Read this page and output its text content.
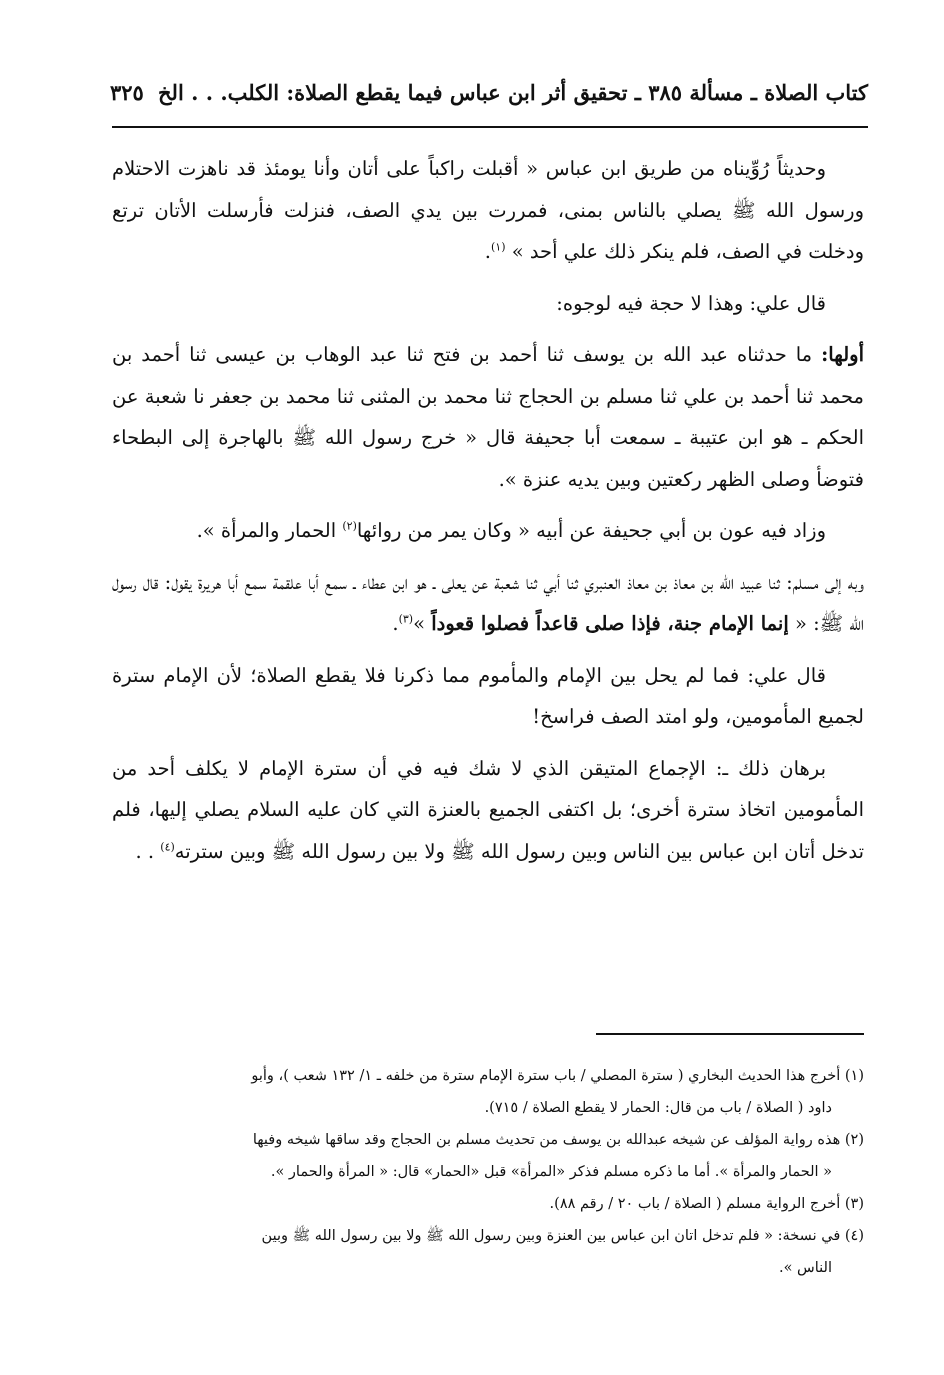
كتاب الصلاة ـ مسألة ٣٨٥ ـ تحقيق أثر ابن عباس فيما يقطع الصلاة: الكلب. . . الخ
٣٢٥

وحديثاً رُوِّيناه من طريق ابن عباس « أقبلت راكباً على أتان وأنا يومئذ قد ناهزت الاحتلام ورسول الله ﷺ يصلي بالناس بمنى، فمررت بين يدي الصف، فنزلت فأرسلت الأتان ترتع ودخلت في الصف، فلم ينكر ذلك علي أحد » $^{(١)}$.

قال علي: وهذا لا حجة فيه لوجوه:

أولها: ما حدثناه عبد الله بن يوسف ثنا أحمد بن فتح ثنا عبد الوهاب بن عيسى ثنا أحمد بن محمد ثنا أحمد بن علي ثنا مسلم بن الحجاج ثنا محمد بن المثنى ثنا محمد بن جعفر نا شعبة عن الحكم ـ هو ابن عتيبة ـ سمعت أبا جحيفة قال « خرج رسول الله ﷺ بالهاجرة إلى البطحاء فتوضأ وصلى الظهر ركعتين وبين يديه عنزة ».

وزاد فيه عون بن أبي جحيفة عن أبيه « وكان يمر من روائها$^{(٢)}$ الحمار والمرأة ».

وبه إلى مسلم: ثنا عبيد الله بن معاذ بن معاذ العنبري ثنا أبي ثنا شعبة عن يعلى ـ هو ابن عطاء ـ سمع أبا علقمة سمع أبا هريرة يقول: قال رسول الله ﷺ: « إنما الإمام جنة، فإذا صلى قاعداً فصلوا قعوداً »$^{(٣)}$.

قال علي: فما لم يحل بين الإمام والمأموم مما ذكرنا فلا يقطع الصلاة؛ لأن الإمام سترة لجميع المأمومين، ولو امتد الصف فراسخ!

برهان ذلك ـ: الإجماع المتيقن الذي لا شك فيه في أن سترة الإمام لا يكلف أحد من المأمومين اتخاذ سترة أخرى؛ بل اكتفى الجميع بالعنزة التي كان عليه السلام يصلي إليها، فلم تدخل أتان ابن عباس بين الناس وبين رسول الله ﷺ ولا بين رسول الله ﷺ وبين سترته$^{(٤)}$ . .

(١) أخرج هذا الحديث البخاري ( سترة المصلي / باب سترة الإمام سترة من خلفه ـ ١/ ١٣٢ شعب )، وأبو

داود ( الصلاة / باب من قال: الحمار لا يقطع الصلاة / ٧١٥).

(٢) هذه رواية المؤلف عن شيخه عبدالله بن يوسف من تحديث مسلم بن الحجاج وقد ساقها شيخه وفيها

« الحمار والمرأة ». أما ما ذكره مسلم فذكر «المرأة» قبل «الحمار» قال: « المرأة والحمار ».

(٣) أخرج الرواية مسلم ( الصلاة / باب ٢٠ / رقم ٨٨).

(٤) في نسخة: « فلم تدخل اتان ابن عباس بين العنزة وبين رسول الله ﷺ ولا بين رسول الله ﷺ وبين

الناس ».
